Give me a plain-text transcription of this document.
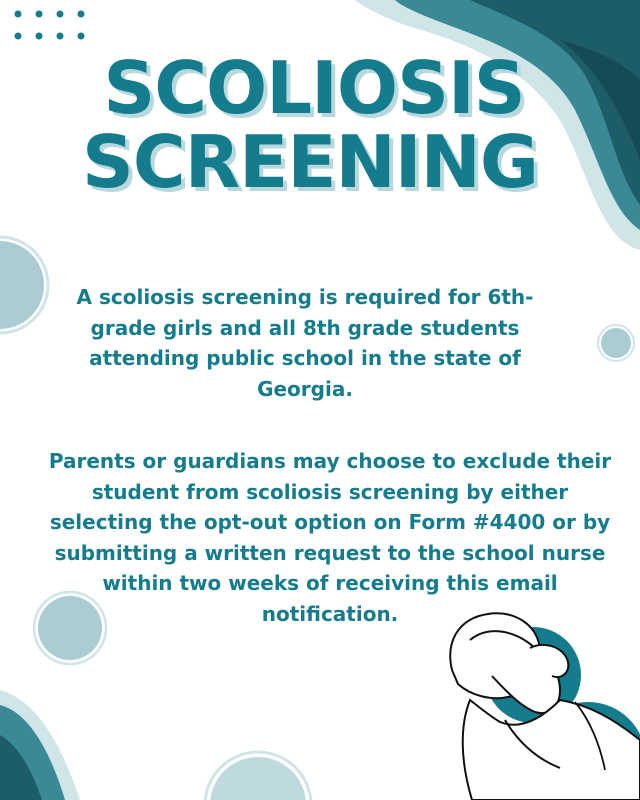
SCOLIOSIS
SCREENING

A scoliosis screening is required for 6th-grade girls and all 8th grade students attending public school in the state of Georgia.

Parents or guardians may choose to exclude their student from scoliosis screening by either selecting the opt-out option on Form #4400 or by submitting a written request to the school nurse within two weeks of receiving this email notification.
